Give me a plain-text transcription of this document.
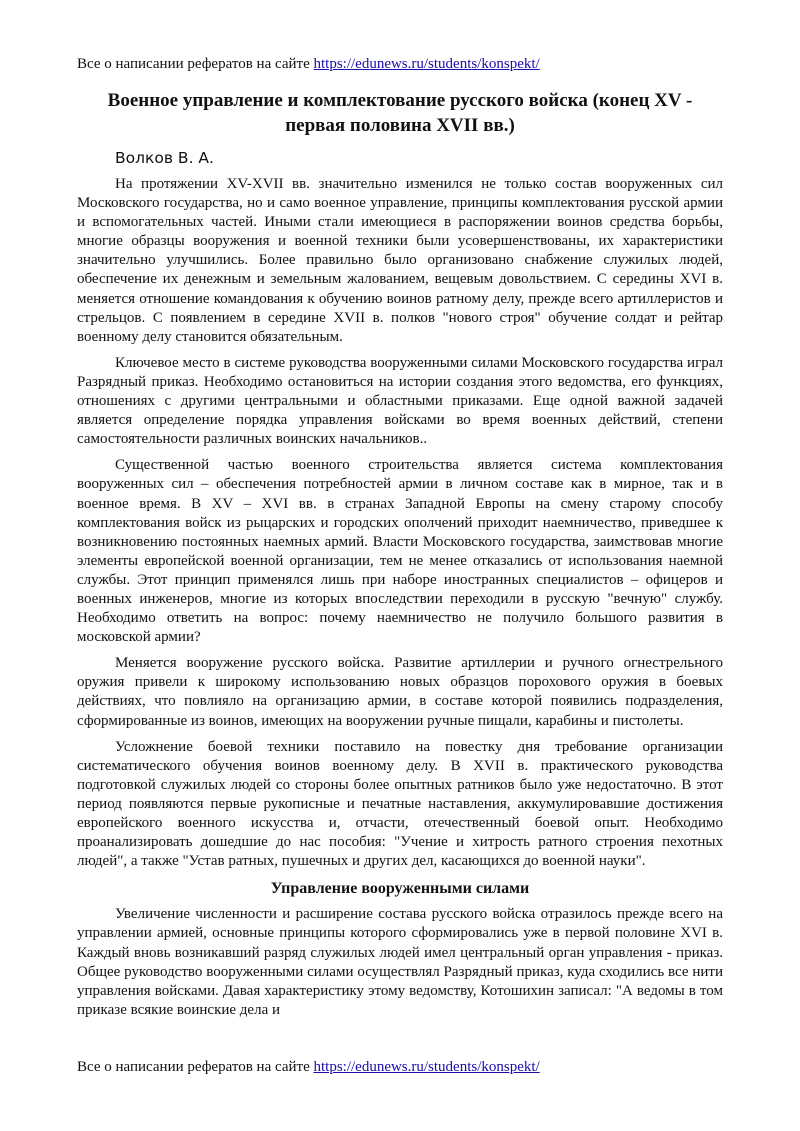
Все о написании рефератов на сайте https://edunews.ru/students/konspekt/
Военное управление и комплектование русского войска (конец XV - первая половина XVII вв.)
Волков В. А.

На протяжении XV-XVII вв. значительно изменился не только состав вооруженных сил Московского государства, но и само военное управление, принципы комплектования русской армии и вспомогательных частей. Иными стали имеющиеся в распоряжении воинов средства борьбы, многие образцы вооружения и военной техники были усовершенствованы, их характеристики значительно улучшились. Более правильно было организовано снабжение служилых людей, обеспечение их денежным и земельным жалованием, вещевым довольствием. С середины XVI в. меняется отношение командования к обучению воинов ратному делу, прежде всего артиллеристов и стрельцов. С появлением в середине XVII в. полков "нового строя" обучение солдат и рейтар военному делу становится обязательным.

Ключевое место в системе руководства вооруженными силами Московского государства играл Разрядный приказ. Необходимо остановиться на истории создания этого ведомства, его функциях, отношениях с другими центральными и областными приказами. Еще одной важной задачей является определение порядка управления войсками во время военных действий, степени самостоятельности различных воинских начальников..

Существенной частью военного строительства является система комплектования вооруженных сил – обеспечения потребностей армии в личном составе как в мирное, так и в военное время. В XV – XVI вв. в странах Западной Европы на смену старому способу комплектования войск из рыцарских и городских ополчений приходит наемничество, приведшее к возникновению постоянных наемных армий. Власти Московского государства, заимствовав многие элементы европейской военной организации, тем не менее отказались от использования наемной службы. Этот принцип применялся лишь при наборе иностранных специалистов – офицеров и военных инженеров, многие из которых впоследствии переходили в русскую "вечную" службу. Необходимо ответить на вопрос: почему наемничество не получило большого развития в московской армии?

Меняется вооружение русского войска. Развитие артиллерии и ручного огнестрельного оружия привели к широкому использованию новых образцов порохового оружия в боевых действиях, что повлияло на организацию армии, в составе которой появились подразделения, сформированные из воинов, имеющих на вооружении ручные пищали, карабины и пистолеты.

Усложнение боевой техники поставило на повестку дня требование организации систематического обучения воинов военному делу. В XVII в. практического руководства подготовкой служилых людей со стороны более опытных ратников было уже недостаточно. В этот период появляются первые рукописные и печатные наставления, аккумулировавшие достижения европейского военного искусства и, отчасти, отечественный боевой опыт. Необходимо проанализировать дошедшие до нас пособия: "Учение и хитрость ратного строения пехотных людей", а также "Устав ратных, пушечных и других дел, касающихся до военной науки".

Управление вооруженными силами

Увеличение численности и расширение состава русского войска отразилось прежде всего на управлении армией, основные принципы которого сформировались уже в первой половине XVI в. Каждый вновь возникавший разряд служилых людей имел центральный орган управления - приказ. Общее руководство вооруженными силами осуществлял Разрядный приказ, куда сходились все нити управления войсками. Давая характеристику этому ведомству, Котошихин записал: "А ведомы в том приказе всякие воинские дела и

Все о написании рефератов на сайте https://edunews.ru/students/konspekt/
